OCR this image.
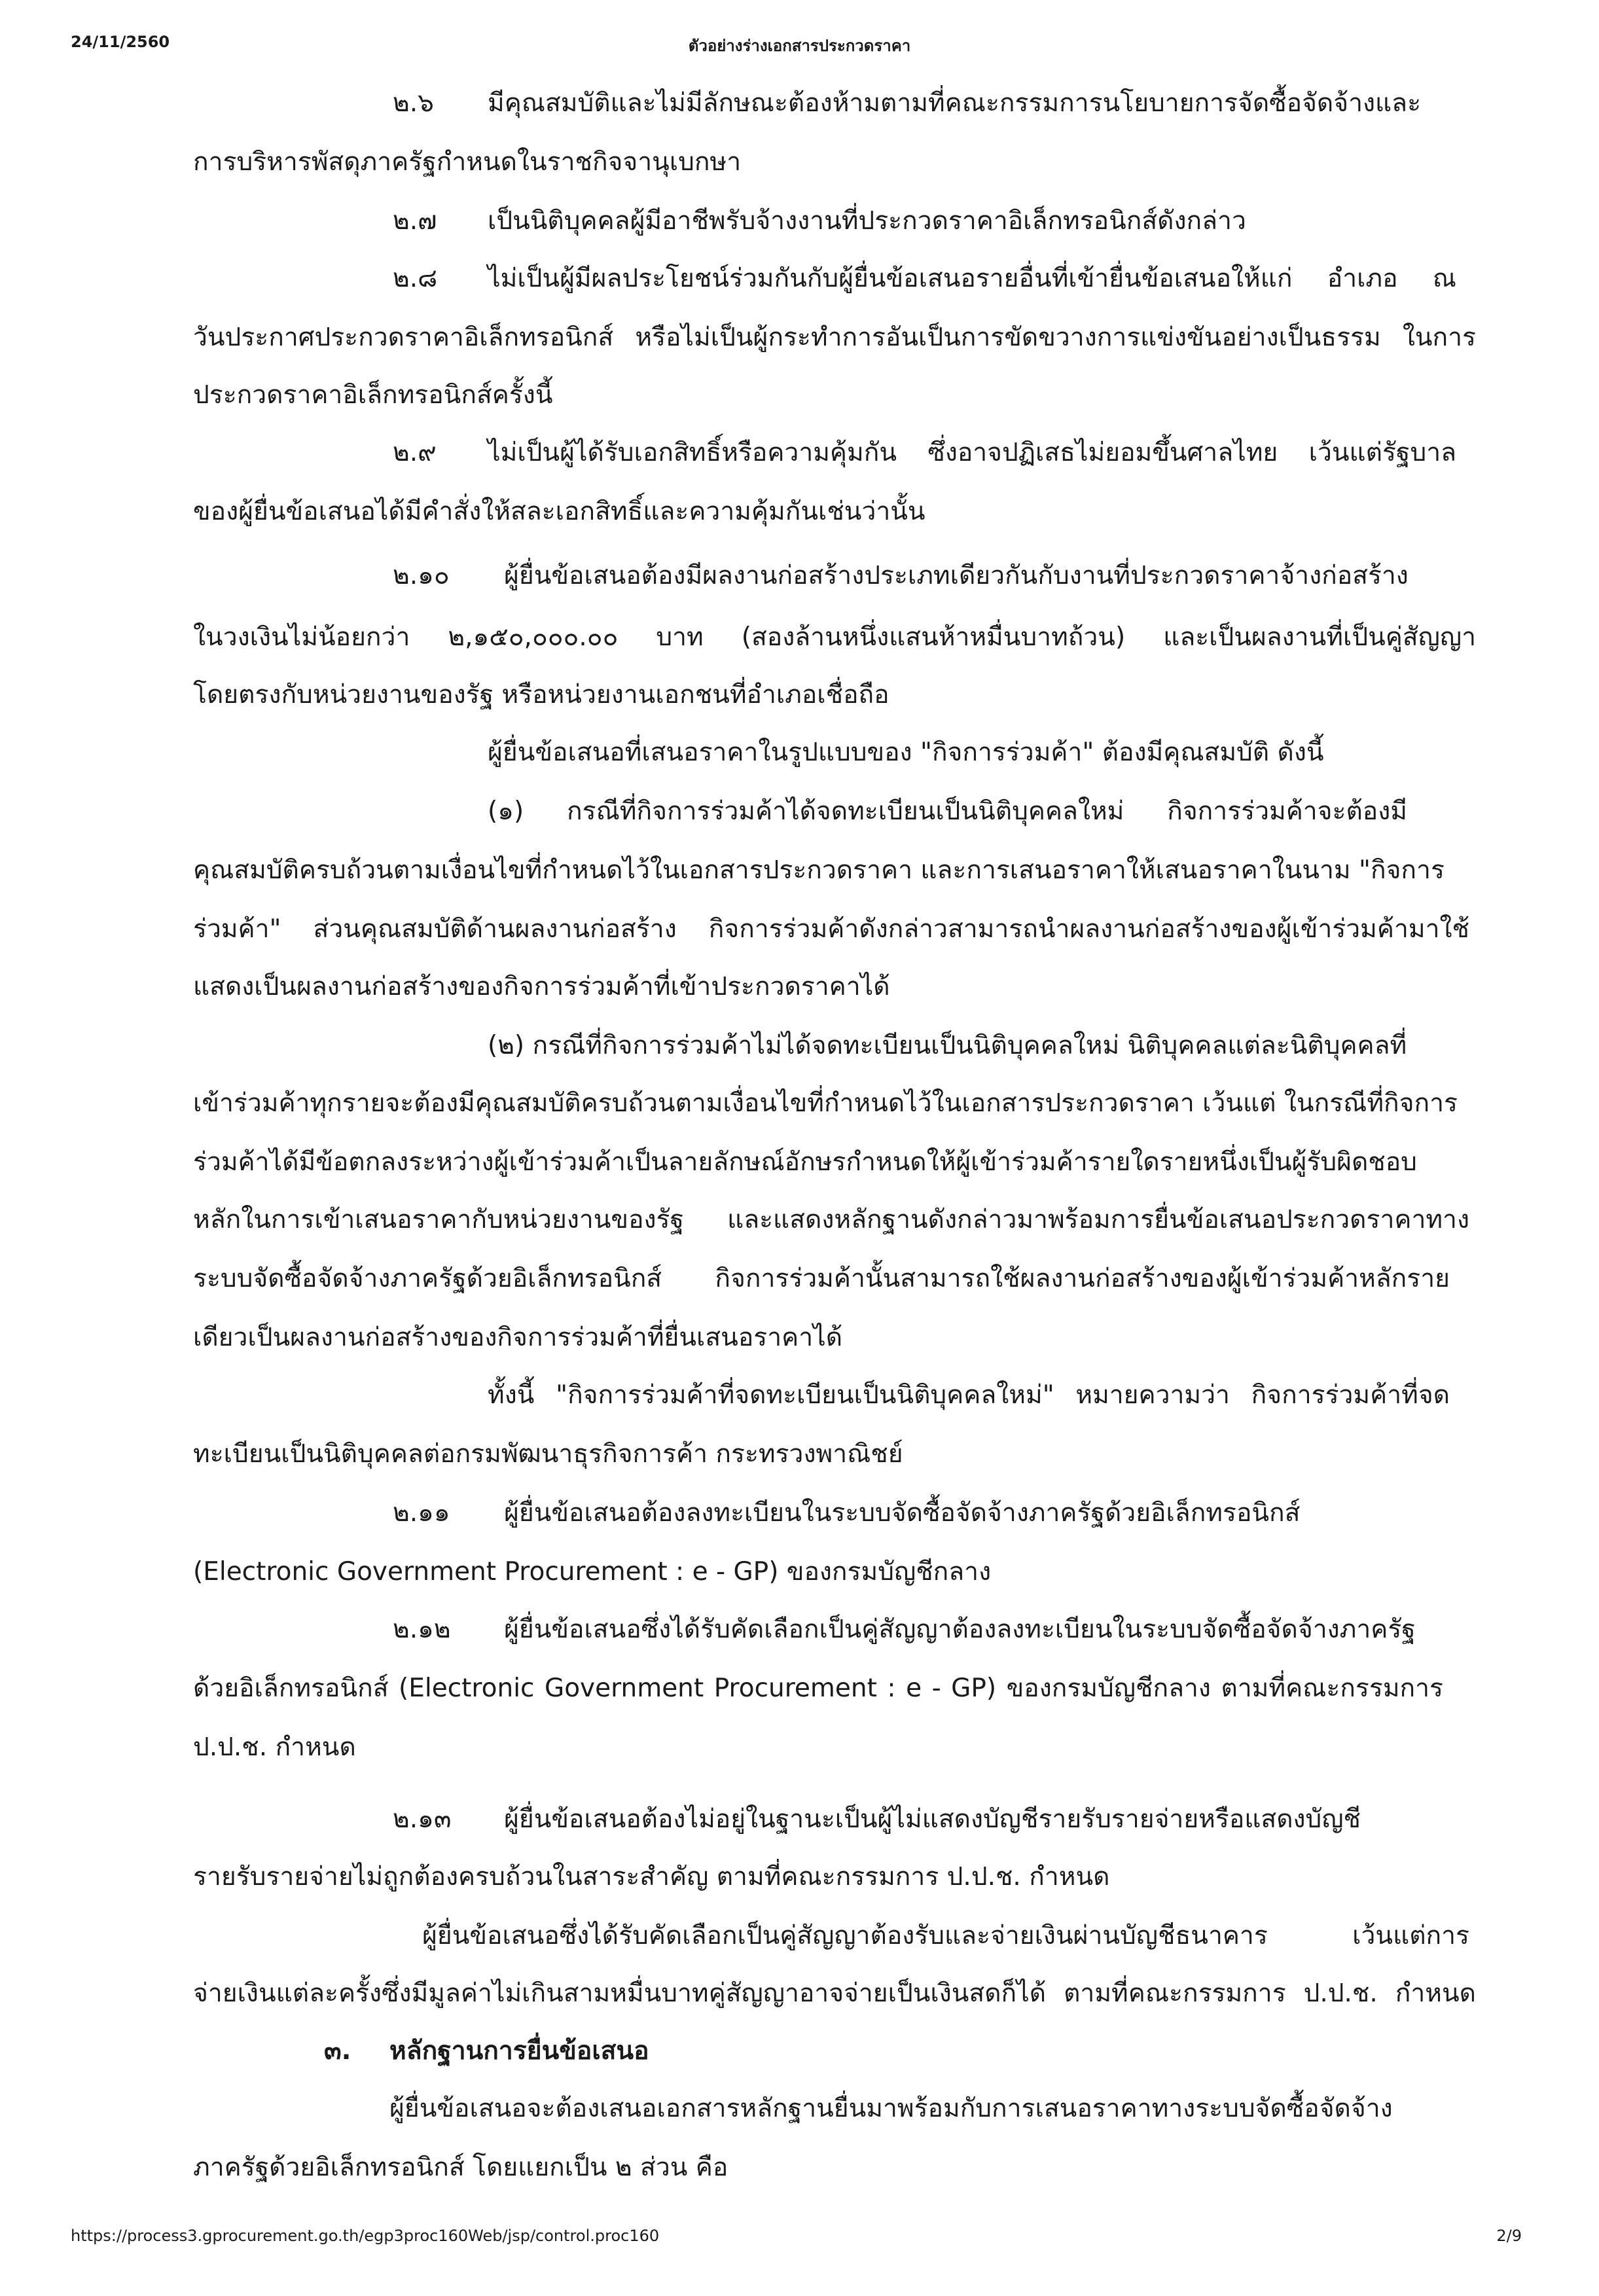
24/11/2560	ตัวอย่างร่างเอกสารประกวดราคา
๒.๖ มีคุณสมบัติและไม่มีลักษณะต้องห้ามตามที่คณะกรรมการนโยบายการจัดซื้อจัดจ้างและ
การบริหารพัสดุภาครัฐกำหนดในราชกิจจานุเบกษา
๒.๗ เป็นนิติบุคคลผู้มีอาชีพรับจ้างงานที่ประกวดราคาอิเล็กทรอนิกส์ดังกล่าว
๒.๘ ไม่เป็นผู้มีผลประโยชน์ร่วมกันกับผู้ยื่นข้อเสนอรายอื่นที่เข้ายื่นข้อเสนอให้แก่ อำเภอ ณ
วันประกาศประกวดราคาอิเล็กทรอนิกส์ หรือไม่เป็นผู้กระทำการอันเป็นการขัดขวางการแข่งขันอย่างเป็นธรรม ในการ
ประกวดราคาอิเล็กทรอนิกส์ครั้งนี้
๒.๙ ไม่เป็นผู้ได้รับเอกสิทธิ์หรือความคุ้มกัน ซึ่งอาจปฏิเสธไม่ยอมขึ้นศาลไทย เว้นแต่รัฐบาล
ของผู้ยื่นข้อเสนอได้มีคำสั่งให้สละเอกสิทธิ์และความคุ้มกันเช่นว่านั้น
๒.๑๐ ผู้ยื่นข้อเสนอต้องมีผลงานก่อสร้างประเภทเดียวกันกับงานที่ประกวดราคาจ้างก่อสร้าง
ในวงเงินไม่น้อยกว่า ๒,๑๕๐,๐๐๐.๐๐ บาท (สองล้านหนึ่งแสนห้าหมื่นบาทถ้วน) และเป็นผลงานที่เป็นคู่สัญญา
โดยตรงกับหน่วยงานของรัฐ หรือหน่วยงานเอกชนที่อำเภอเชื่อถือ
ผู้ยื่นข้อเสนอที่เสนอราคาในรูปแบบของ "กิจการร่วมค้า" ต้องมีคุณสมบัติ ดังนี้
(๑) กรณีที่กิจการร่วมค้าได้จดทะเบียนเป็นนิติบุคคลใหม่ กิจการร่วมค้าจะต้องมี
คุณสมบัติครบถ้วนตามเงื่อนไขที่กำหนดไว้ในเอกสารประกวดราคา และการเสนอราคาให้เสนอราคาในนาม "กิจการ
ร่วมค้า" ส่วนคุณสมบัติด้านผลงานก่อสร้าง กิจการร่วมค้าดังกล่าวสามารถนำผลงานก่อสร้างของผู้เข้าร่วมค้ามาใช้
แสดงเป็นผลงานก่อสร้างของกิจการร่วมค้าที่เข้าประกวดราคาได้
(๒) กรณีที่กิจการร่วมค้าไม่ได้จดทะเบียนเป็นนิติบุคคลใหม่ นิติบุคคลแต่ละนิติบุคคลที่
เข้าร่วมค้าทุกรายจะต้องมีคุณสมบัติครบถ้วนตามเงื่อนไขที่กำหนดไว้ในเอกสารประกวดราคา เว้นแต่ ในกรณีที่กิจการ
ร่วมค้าได้มีข้อตกลงระหว่างผู้เข้าร่วมค้าเป็นลายลักษณ์อักษรกำหนดให้ผู้เข้าร่วมค้ารายใดรายหนึ่งเป็นผู้รับผิดชอบ
หลักในการเข้าเสนอราคากับหน่วยงานของรัฐ และแสดงหลักฐานดังกล่าวมาพร้อมการยื่นข้อเสนอประกวดราคาทาง
ระบบจัดซื้อจัดจ้างภาครัฐด้วยอิเล็กทรอนิกส์ กิจการร่วมค้านั้นสามารถใช้ผลงานก่อสร้างของผู้เข้าร่วมค้าหลักราย
เดียวเป็นผลงานก่อสร้างของกิจการร่วมค้าที่ยื่นเสนอราคาได้
ทั้งนี้ "กิจการร่วมค้าที่จดทะเบียนเป็นนิติบุคคลใหม่" หมายความว่า กิจการร่วมค้าที่จด
ทะเบียนเป็นนิติบุคคลต่อกรมพัฒนาธุรกิจการค้า กระทรวงพาณิชย์
๒.๑๑ ผู้ยื่นข้อเสนอต้องลงทะเบียนในระบบจัดซื้อจัดจ้างภาครัฐด้วยอิเล็กทรอนิกส์
(Electronic Government Procurement : e - GP) ของกรมบัญชีกลาง
๒.๑๒ ผู้ยื่นข้อเสนอซึ่งได้รับคัดเลือกเป็นคู่สัญญาต้องลงทะเบียนในระบบจัดซื้อจัดจ้างภาครัฐ
ด้วยอิเล็กทรอนิกส์ (Electronic Government Procurement : e - GP) ของกรมบัญชีกลาง ตามที่คณะกรรมการ
ป.ป.ช. กำหนด
๒.๑๓ ผู้ยื่นข้อเสนอต้องไม่อยู่ในฐานะเป็นผู้ไม่แสดงบัญชีรายรับรายจ่ายหรือแสดงบัญชี
รายรับรายจ่ายไม่ถูกต้องครบถ้วนในสาระสำคัญ ตามที่คณะกรรมการ ป.ป.ช. กำหนด
ผู้ยื่นข้อเสนอซึ่งได้รับคัดเลือกเป็นคู่สัญญาต้องรับและจ่ายเงินผ่านบัญชีธนาคาร เว้นแต่การ
จ่ายเงินแต่ละครั้งซึ่งมีมูลค่าไม่เกินสามหมื่นบาทคู่สัญญาอาจจ่ายเป็นเงินสดก็ได้ ตามที่คณะกรรมการ ป.ป.ช. กำหนด
๓. หลักฐานการยื่นข้อเสนอ
ผู้ยื่นข้อเสนอจะต้องเสนอเอกสารหลักฐานยื่นมาพร้อมกับการเสนอราคาทางระบบจัดซื้อจัดจ้าง
ภาครัฐด้วยอิเล็กทรอนิกส์ โดยแยกเป็น ๒ ส่วน คือ
https://process3.gprocurement.go.th/egp3proc160Web/jsp/control.proc160	2/9
